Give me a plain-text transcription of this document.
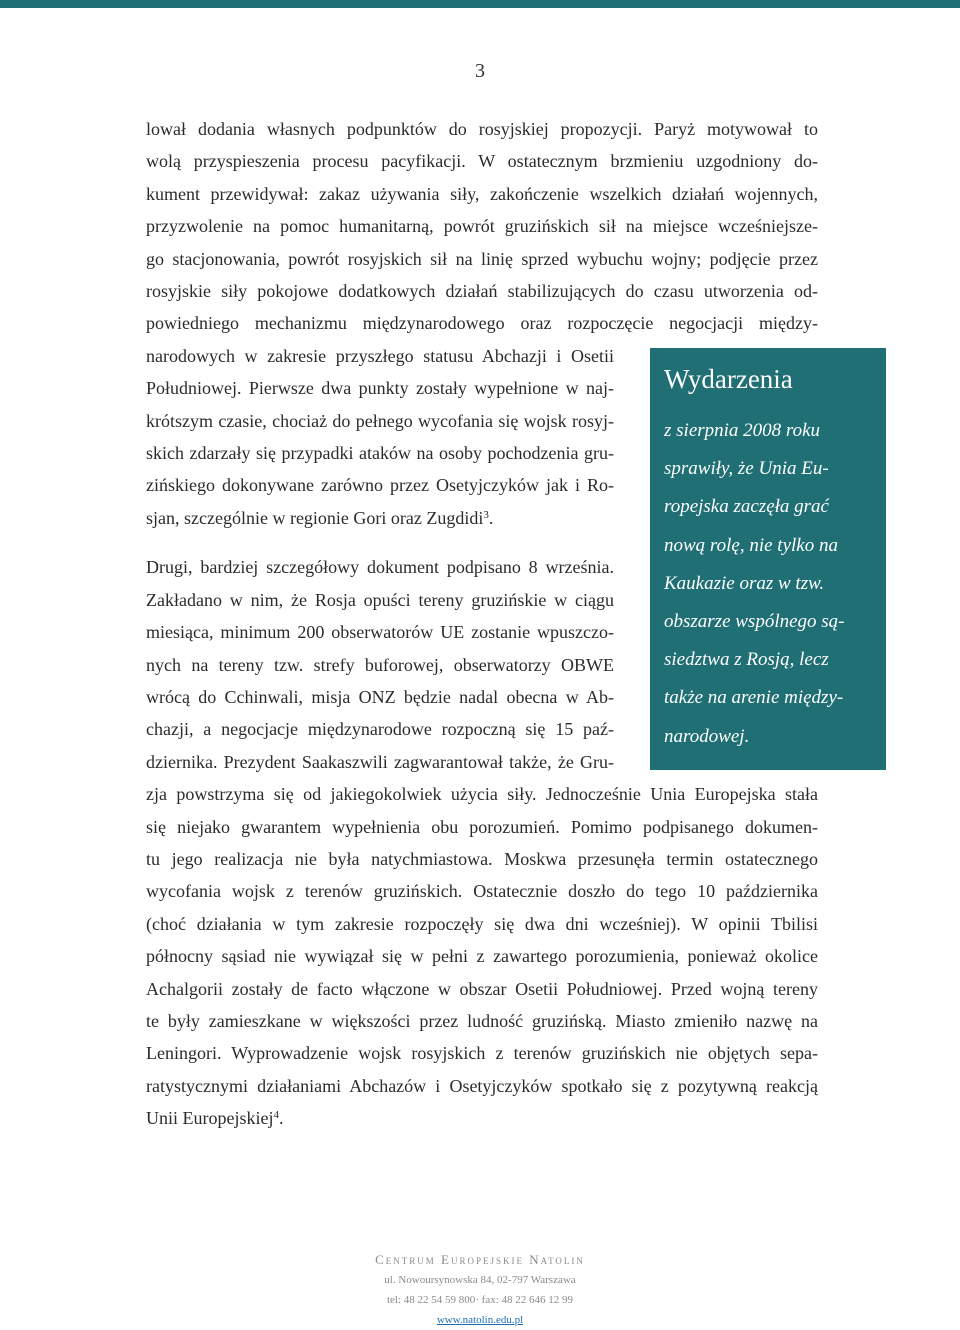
3

lował dodania własnych podpunktów do rosyjskiej propozycji. Paryż motywował to
wolą przyspieszenia procesu pacyfikacji. W ostatecznym brzmieniu uzgodniony do-
kument przewidywał: zakaz używania siły, zakończenie wszelkich działań wojennych,
przyzwolenie na pomoc humanitarną, powrót gruzińskich sił na miejsce wcześniejsze-
go stacjonowania, powrót rosyjskich sił na linię sprzed wybuchu wojny; podjęcie przez
rosyjskie siły pokojowe dodatkowych działań stabilizujących do czasu utworzenia od-
powiedniego mechanizmu międzynarodowego oraz rozpoczęcie negocjacji między-
narodowych w zakresie przyszłego statusu Abchazji i Osetii
Południowej. Pierwsze dwa punkty zostały wypełnione w naj-
krótszym czasie, chociaż do pełnego wycofania się wojsk rosyj-
skich zdarzały się przypadki ataków na osoby pochodzenia gru-
zińskiego dokonywane zarówno przez Osetyjczyków jak i Ro-
sjan, szczególnie w regionie Gori oraz Zugdidi$^3$.

Drugi, bardziej szczegółowy dokument podpisano 8 września.
Zakładano w nim, że Rosja opuści tereny gruzińskie w ciągu
miesiąca, minimum 200 obserwatorów UE zostanie wpuszczo-
nych na tereny tzw. strefy buforowej, obserwatorzy OBWE
wrócą do Cchinwali, misja ONZ będzie nadal obecna w Ab-
chazji, a negocjacje międzynarodowe rozpoczną się 15 paź-
dziernika. Prezydent Saakaszwili zagwarantował także, że Gru-
zja powstrzyma się od jakiegokolwiek użycia siły. Jednocześnie Unia Europejska stała
się niejako gwarantem wypełnienia obu porozumień. Pomimo podpisanego dokumen-
tu jego realizacja nie była natychmiastowa. Moskwa przesunęła termin ostatecznego
wycofania wojsk z terenów gruzińskich. Ostatecznie doszło do tego 10 października
(choć działania w tym zakresie rozpoczęły się dwa dni wcześniej). W opinii Tbilisi
północny sąsiad nie wywiązał się w pełni z zawartego porozumienia, ponieważ okolice
Achalgorii zostały de facto włączone w obszar Osetii Południowej. Przed wojną tereny
te były zamieszkane w większości przez ludność gruzińską. Miasto zmieniło nazwę na
Leningori. Wyprowadzenie wojsk rosyjskich z terenów gruzińskich nie objętych sepa-
ratystycznymi działaniami Abchazów i Osetyjczyków spotkało się z pozytywną reakcją
Unii Europejskiej$^4$.

Wydarzenia
z sierpnia 2008 roku
sprawiły, że Unia Eu-
ropejska zaczęła grać
nową rolę, nie tylko na
Kaukazie oraz w tzw.
obszarze wspólnego są-
siedztwa z Rosją, lecz
także na arenie między-
narodowej.
Centrum Europejskie Natolin
ul. Nowoursynowska 84, 02-797 Warszawa
tel: 48 22 54 59 800· fax: 48 22 646 12 99
www.natolin.edu.pl
